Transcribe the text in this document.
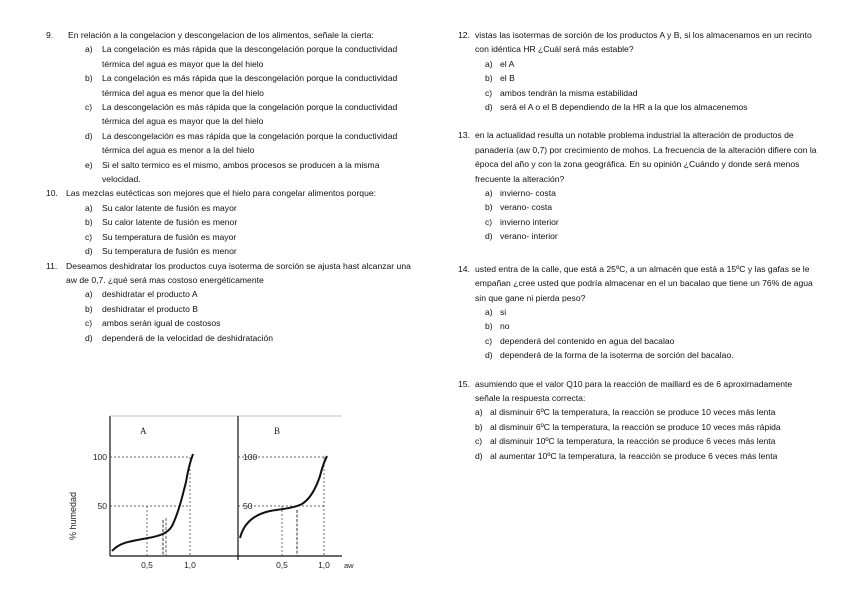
9. En relación a la congelacion y descongelacion de los alimentos, señale la cierta:
a) La congelación es más rápida que la descongelación porque la conductividad térmica del agua es mayor que la del hielo
b) La congelación es más rápida que la descongelación porque la conductividad térmica del agua es menor que la del hielo
c) La descongelación es más rápida que la congelación porque la conductividad térmica del agua es mayor que la del hielo
d) La descongelación es mas rápida que la congelación porque la conductividad térmica del agua es menor a la del hielo
e) Si el salto termico es el mismo, ambos procesos se producen a la misma velocidad.
10. Las mezclas eutécticas son mejores que el hielo para congelar alimentos porque:
a) Su calor latente de fusión es mayor
b) Su calor latente de fusión es menor
c) Su temperatura de fusión es mayor
d) Su temperatura de fusión es menor
11. Deseamos deshidratar los productos cuya isoterma de sorción se ajusta hast alcanzar una aw de 0,7. ¿qué será mas costoso energéticamente
a) deshidratar el producto A
b) deshidratar el producto B
c) ambos serán igual de costosos
d) dependerá de la velocidad de deshidratación
% humedad
A	B
100
50
100
50
0,5	1,0	0,5	1,0 aw
12. vistas las isotermas de sorción de los productos A y B, si los almacenamos en un recinto con idéntica HR ¿Cuál será más estable?
a) el A
b) el B
c) ambos tendrán la misma estabilidad
d) será el A o el B dependiendo de la HR a la que los almacenemos
13. en la actualidad resulta un notable problema industrial la alteración de productos de panadería (aw 0,7) por crecimiento de mohos. La frecuencia de la alteración difiere con la época del año y con la zona geográfica. En su opinión ¿Cuándo y donde será menos frecuente la alteración?
a) invierno- costa
b) verano- costa
c) invierno interior
d) verano- interior
14. usted entra de la calle, que está a 25ºC, a un almacén que está a 15ºC y las gafas se le empañan ¿cree usted que podría almacenar en el un bacalao que tiene un 76% de agua sin que gane ni pierda peso?
a) si
b) no
c) dependerá del contenido en agua del bacalao
d) dependerá de la forma de la isoterma de sorción del bacalao.
15. asumiendo que el valor Q10 para la reacción de maillard es de 6 aproximadamente señale la respuesta correcta:
a) al disminuir 6ºC la temperatura, la reacción se produce 10 veces más lenta
b) al disminuir 6ºC la temperatura, la reacción se produce 10 veces más rápida
c) al disminuir 10ºC la temperatura, la reacción se produce 6 veces más lenta
d) al aumentar 10ºC la temperatura, la reacción se produce 6 veces más lenta
